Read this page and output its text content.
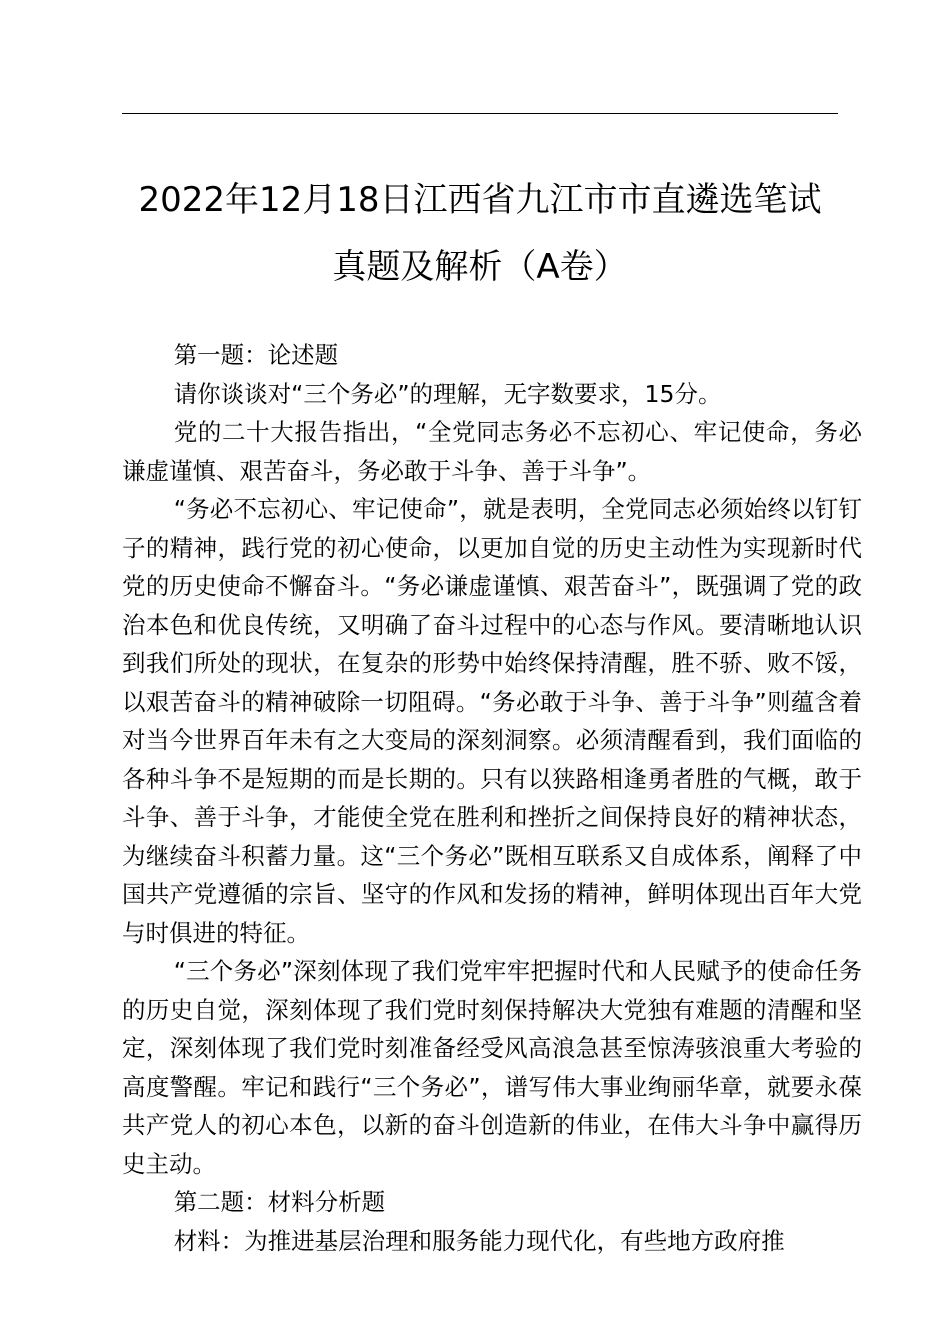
2022年12月18日江西省九江市市直遴选笔试
真题及解析（A卷）

第一题：论述题

请你谈谈对“三个务必”的理解，无字数要求，15分。

党的二十大报告指出，“全党同志务必不忘初心、牢记使命，务必谦虚谨慎、艰苦奋斗，务必敢于斗争、善于斗争”。

“务必不忘初心、牢记使命”，就是表明，全党同志必须始终以钉钉子的精神，践行党的初心使命，以更加自觉的历史主动性为实现新时代党的历史使命不懈奋斗。“务必谦虚谨慎、艰苦奋斗”，既强调了党的政治本色和优良传统，又明确了奋斗过程中的心态与作风。要清晰地认识到我们所处的现状，在复杂的形势中始终保持清醒，胜不骄、败不馁，以艰苦奋斗的精神破除一切阻碍。“务必敢于斗争、善于斗争”则蕴含着对当今世界百年未有之大变局的深刻洞察。必须清醒看到，我们面临的各种斗争不是短期的而是长期的。只有以狭路相逢勇者胜的气概，敢于斗争、善于斗争，才能使全党在胜利和挫折之间保持良好的精神状态，为继续奋斗积蓄力量。这“三个务必”既相互联系又自成体系，阐释了中国共产党遵循的宗旨、坚守的作风和发扬的精神，鲜明体现出百年大党与时俱进的特征。

“三个务必”深刻体现了我们党牢牢把握时代和人民赋予的使命任务的历史自觉，深刻体现了我们党时刻保持解决大党独有难题的清醒和坚定，深刻体现了我们党时刻准备经受风高浪急甚至惊涛骇浪重大考验的高度警醒。牢记和践行“三个务必”，谱写伟大事业绚丽华章，就要永葆共产党人的初心本色，以新的奋斗创造新的伟业，在伟大斗争中赢得历史主动。

第二题：材料分析题

材料：为推进基层治理和服务能力现代化，有些地方政府推
